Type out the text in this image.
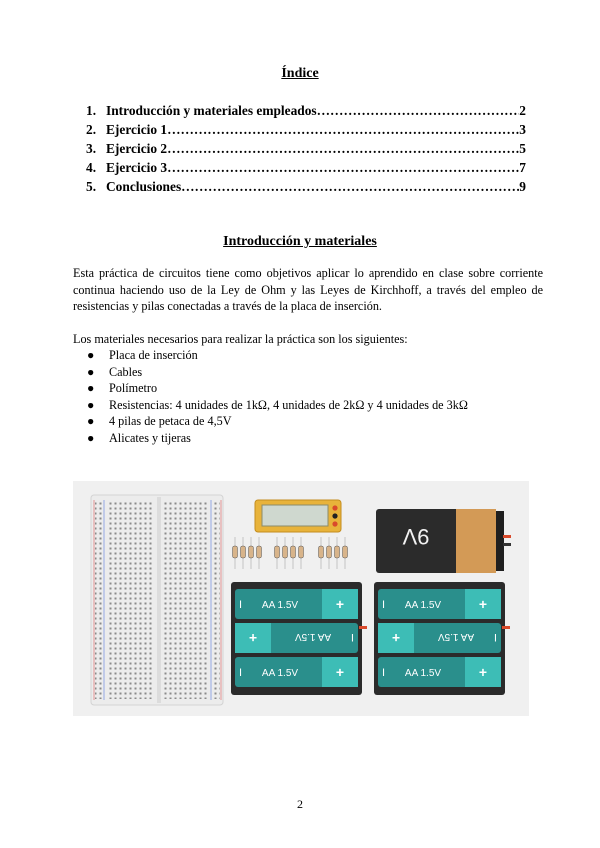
Índice
1. Introducción y materiales empleados ………………………………………………………………………………………………………………	2
2. Ejercicio 1 ………………………………………………………………………………………………………………	3
3. Ejercicio 2 ………………………………………………………………………………………………………………	5
4. Ejercicio 3 ………………………………………………………………………………………………………………	7
5. Conclusiones ………………………………………………………………………………………………………………	9
Introducción y materiales
Esta práctica de circuitos tiene como objetivos aplicar lo aprendido en clase sobre corriente continua haciendo uso de la Ley de Ohm y las Leyes de Kirchhoff, a través del empleo de resistencias y pilas conectadas a través de la placa de inserción.
Los materiales necesarios para realizar la práctica son los siguientes:
●	Placa de inserción
●	Cables
●	Polímetro
●	Resistencias: 4 unidades de 1kΩ, 4 unidades de 2kΩ y 4 unidades de 3kΩ
●	4 pilas de petaca de 4,5V
●	Alicates y tijeras
9V
I AA 1.5V	+
I
AA 1.5V
+
I AA 1.5V	+
I AA 1.5V	+
I
AA 1.5V
+
I AA 1.5V	+
2
